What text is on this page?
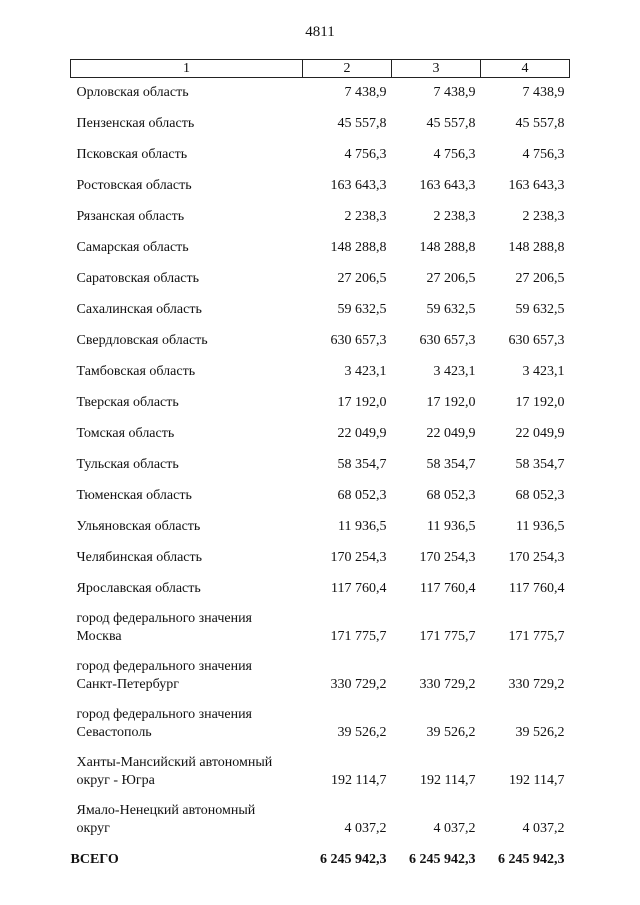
4811
1	2	3	4
Орловская область	7 438,9	7 438,9	7 438,9
Пензенская область	45 557,8	45 557,8	45 557,8
Псковская область	4 756,3	4 756,3	4 756,3
Ростовская область	163 643,3	163 643,3	163 643,3
Рязанская область	2 238,3	2 238,3	2 238,3
Самарская область	148 288,8	148 288,8	148 288,8
Саратовская область	27 206,5	27 206,5	27 206,5
Сахалинская область	59 632,5	59 632,5	59 632,5
Свердловская область	630 657,3	630 657,3	630 657,3
Тамбовская область	3 423,1	3 423,1	3 423,1
Тверская область	17 192,0	17 192,0	17 192,0
Томская область	22 049,9	22 049,9	22 049,9
Тульская область	58 354,7	58 354,7	58 354,7
Тюменская область	68 052,3	68 052,3	68 052,3
Ульяновская область	11 936,5	11 936,5	11 936,5
Челябинская область	170 254,3	170 254,3	170 254,3
Ярославская область	117 760,4	117 760,4	117 760,4
город федерального значения
Москва	171 775,7	171 775,7	171 775,7
город федерального значения
Санкт-Петербург	330 729,2	330 729,2	330 729,2
город федерального значения
Севастополь	39 526,2	39 526,2	39 526,2
Ханты-Мансийский автономный
округ - Югра	192 114,7	192 114,7	192 114,7
Ямало-Ненецкий автономный
округ	4 037,2	4 037,2	4 037,2
ВСЕГО	6 245 942,3	6 245 942,3	6 245 942,3
